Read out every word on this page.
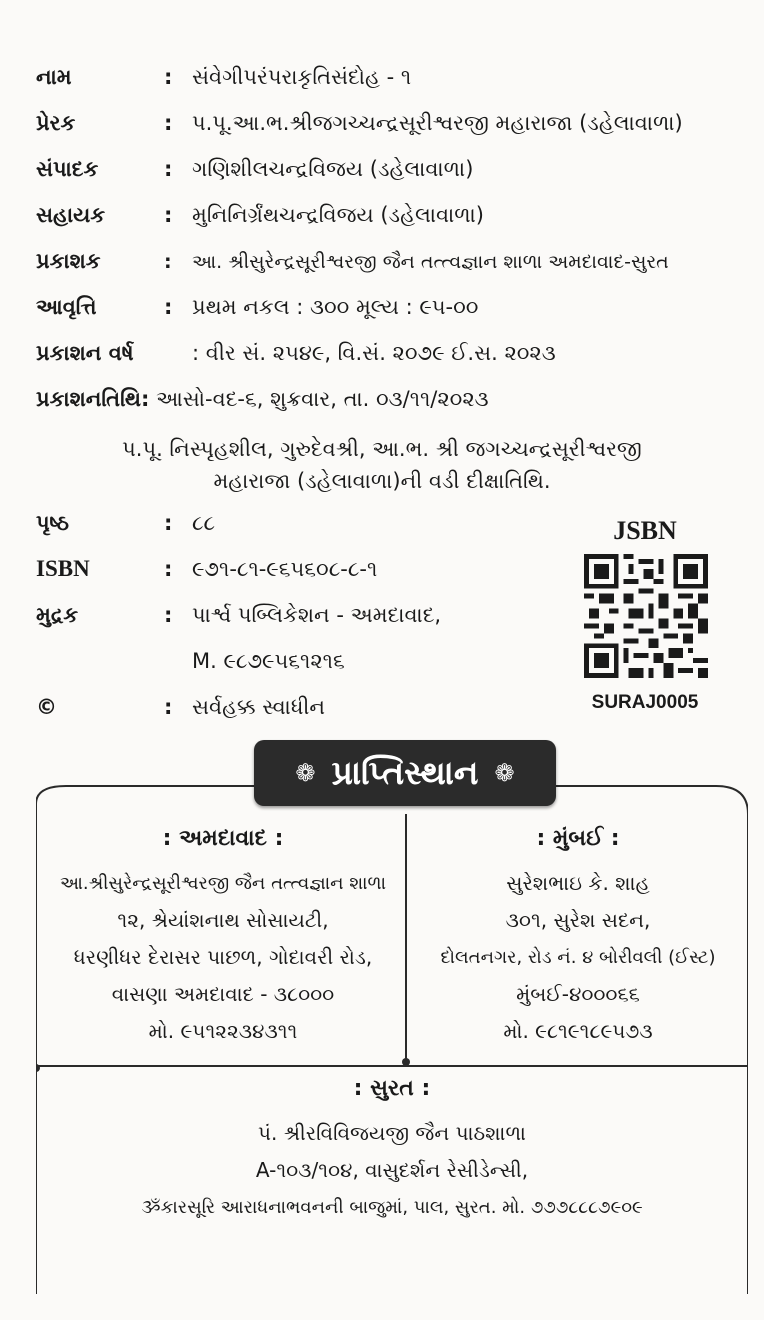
નામ	: સંવેગીપરંપરાકૃતિસંદોહ - ૧
પ્રેરક	: પ.પૂ.આ.ભ.શ્રીજગચ્ચન્દ્રસૂરીશ્વરજી મહારાજા (ડહેલાવાળા)
સંપાદક	: ગણિશીલચન્દ્રવિજય (ડહેલાવાળા)
સહાયક	: મુનિનિર્ગ્રંથચન્દ્રવિજય (ડહેલાવાળા)
પ્રકાશક	: આ. શ્રીસુરેન્દ્રસૂરીશ્વરજી જૈન તત્ત્વજ્ઞાન શાળા અમદાવાદ-સુરત
આવૃત્તિ	: પ્રથમ નકલ : ૩૦૦ મૂલ્ય : ૯૫-૦૦
પ્રકાશન વર્ષ	: વીર સં. ૨૫૪૯, વિ.સં. ૨૦૭૯ ઈ.સ. ૨૦૨૩
પ્રકાશનતિથિ: આસો-વદ-૬, શુક્રવાર, તા. ૦૩/૧૧/૨૦૨૩
પ.પૂ. નિસ્પૃહશીલ, ગુરુદેવશ્રી, આ.ભ. શ્રી જગચ્ચન્દ્રસૂરીશ્વરજી
મહારાજા (ડહેલાવાળા)ની વડી દીક્ષાતિથિ.
પૃષ્ઠ	: ૮૮
ISBN	: ૯૭૧-૮૧-૯૬૫૬૦૮-૮-૧
મુદ્રક	: પાર્શ્વ પબ્લિકેશન - અમદાવાદ,
M. ૯૮૭૯૫૬૧૨૧૬
©	: સર્વહક્ક સ્વાધીન
JSBN
SURAJ0005
❁ પ્રાપ્તિસ્થાન ❁
: અમદાવાદ :
આ.શ્રીસુરેન્દ્રસૂરીશ્વરજી જૈન તત્ત્વજ્ઞાન શાળા
૧૨, શ્રેયાંશનાથ સોસાયટી,
ધરણીધર દેરાસર પાછળ, ગોદાવરી રોડ,
વાસણા અમદાવાદ - ૩૮૦૦૦
મો. ૯૫૧૨૨૩૪૩૧૧
: મુંબઈ :
સુરેશભાઇ કે. શાહ
૩૦૧, સુરેશ સદન,
દોલતનગર, રોડ નં. ૪ બોરીવલી (ઈસ્ટ)
મુંબઈ-૪૦૦૦૬૬
મો. ૯૮૧૯૧૮૯૫૭૩
: સુરત :
પં. શ્રીરવિવિજયજી જૈન પાઠશાળા
A-૧૦૩/૧૦૪, વાસુદર્શન રેસીડેન્સી,
ૐકારસૂરિ આરાધનાભવનની બાજુમાં, પાલ, સુરત. મો. ૭૭૭૮૮૮૭૯૦૯
